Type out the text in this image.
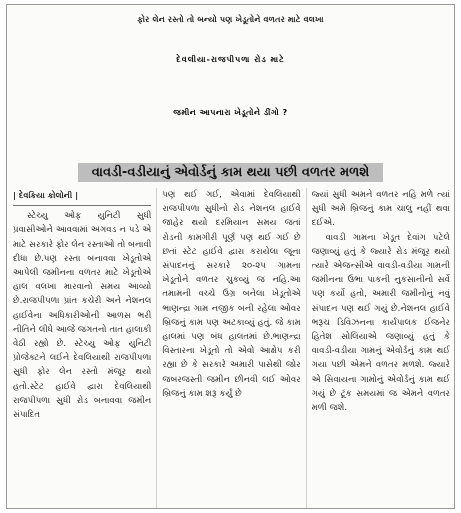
ફોર લેન રસ્તો તો બન્યો પણ ખેડૂતોને વળતર માટે વલખા
દેવલીયા-રાજપીપળા રોડ માટે
જમીન આપનારા ખેડૂતોને ડીંગો ?
વાવડી-વડીયાનું એવોર્ડનું કામ થયા પછી વળતર મળશે
| દેવકિયા કોલોની |
સ્ટેચ્યુ ઓફ યુનિટી સુધી પ્રવાસીઓને આવવામાં અગવડ ન પડે એ માટે સરકારે ફોર લેન રસ્તાઓ તો બનાવી દીધા છે.પણ રસ્તા બનાવવા ખેડૂતોએ આપેલી જમીનના વળતર માટે ખેડૂતોએ હાલ વલખા મારવાનો સમય આવ્યો છે.રાજપીપળા પ્રાંત કચેરી અને નેશનલ હાઈવેના અધિકારીઓની આળસ ભરી નીતિને લીધે આજે જગતનો તાત હાલાકી વેઠી રહ્યો છે. સ્ટેચ્યુ ઓફ યુનિટી પ્રોજેક્ટને લઈને દેવલિયાથી રાજપીપળા સુધી ફોર લેન રસ્તો મંજૂર થયો હતો.સ્ટેટ હાઈવે દ્વારા દેવલિયાથી રાજપીપળા સુધી રોડ બનાવવા જમીન સંપાદિત
પણ થઈ ગઈ, એવામાં દેવલિયાથી રાજપીપળા સુધીનો રોડ નેશનલ હાઈવે જાહેર થયો દરમિયાન સમય જતાં રોડની કામગીરી પૂર્ણ પણ થઈ ગઈ છે છતાં સ્ટેટ હાઈવે દ્વારા કરાયેલા જૂના સંપાદનનું સરકારે ૨૦-૨૫ ગામના ખેડૂતોને વળતર ચુકવ્યું જ નહિ.આ તમામની વચ્ચે ઉગ્ર બનેલા ખેડૂતોએ ભાણન્દ્રા ગામ નજીક બની રહેલા ઓવર બ્રિજનું કામ પણ અટકાવ્યું હતું. જે કામ હાલમાં પણ બંધ હાલતમાં છે.ભાણન્દ્રા વિસ્તારના ખેડૂતો તો એવો આક્ષેપ કરી રહ્યા છે કે સરકારે અમારી પાસેથી જોર જબરજસ્તી જમીન છીનવી લઈ ઓવર બ્રિજનું કામ શરૂ કર્યું છે
જ્યાં સુધી અમને વળતર નહિ મળે ત્યાં સુધી અમે બ્રિજનું કામ ચાલુ નહીં થવા દઈએ.
વાવડી ગામના ખેડૂત દેવાંગ પટેલે જણાવ્યું હતું કે જ્યારે રોડ મંજૂર થયો ત્યારે એજન્સીએ વાવડી-વડીયા ગામની જમીનના ઉભા પાકની નુકસાનીનો સર્વે પણ કર્યો હતો, અમારી જમીનોનું નવું સંપાદન પણ થઈ ગયું છે.નેશનલ હાઈવે ભરૂચ ડિવિઝનના કાર્યપાલક ઈજનેર હિતેશ સોલિયાએ જણાવ્યું હતું કે વાવડી-વડીયા ગામનું એવોર્ડનું કામ થઈ ગયા પછી એમને વળતર મળશે. જ્યારે એ સિવાયના ગામોનું એવોર્ડનું કામ થઈ ગયું છે ટૂંક સમયમાં જ એમને વળતર મળી જશે.
